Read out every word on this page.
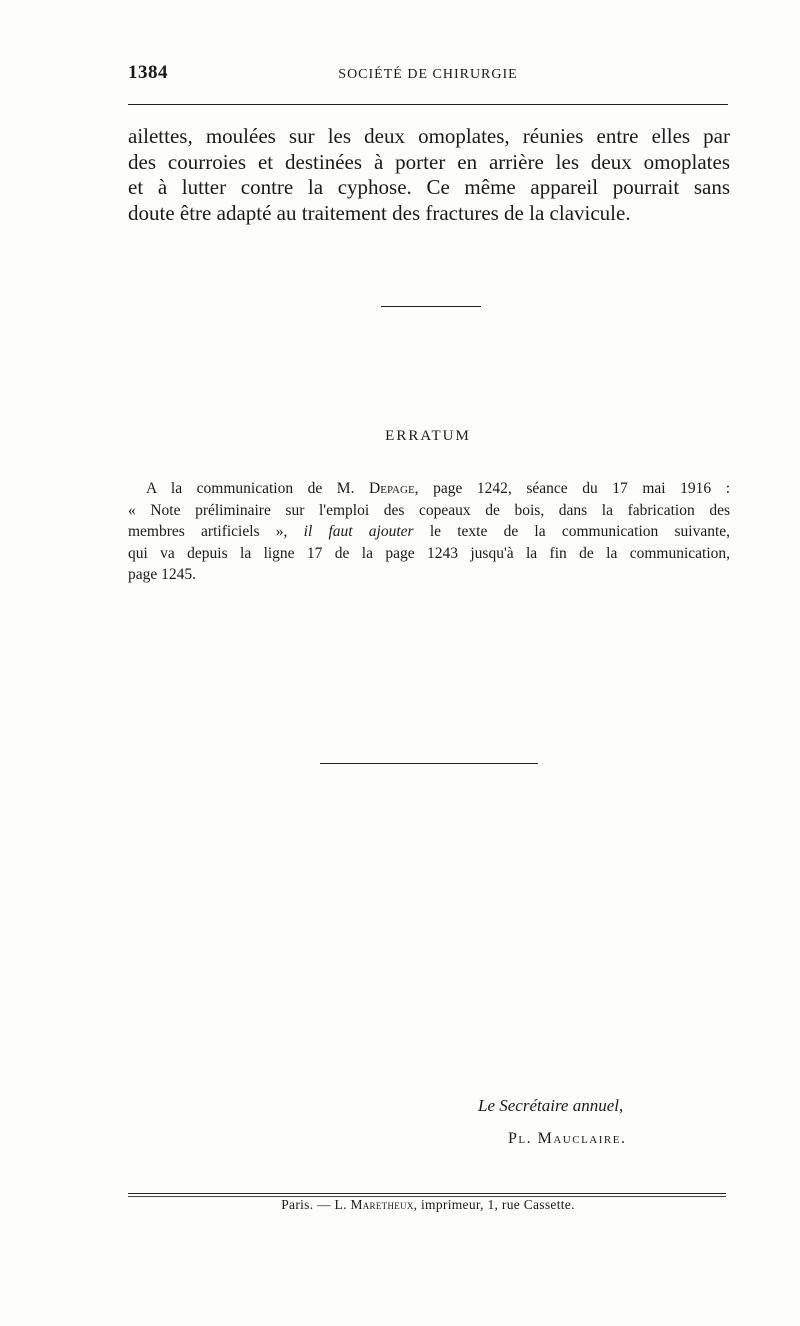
1384	SOCIÉTÉ DE CHIRURGIE

ailettes, moulées sur les deux omoplates, réunies entre elles par
des courroies et destinées à porter en arrière les deux omoplates
et à lutter contre la cyphose. Ce même appareil pourrait sans
doute être adapté au traitement des fractures de la clavicule.

ERRATUM

A la communication de M. Depage, page 1242, séance du 17 mai 1916 :
« Note préliminaire sur l'emploi des copeaux de bois, dans la fabrication des
membres artificiels », il faut ajouter le texte de la communication suivante,
qui va depuis la ligne 17 de la page 1243 jusqu'à la fin de la communication,
page 1245.

Le Secrétaire annuel,
Pl. Mauclaire.
Paris. — L. Maretheux, imprimeur, 1, rue Cassette.
